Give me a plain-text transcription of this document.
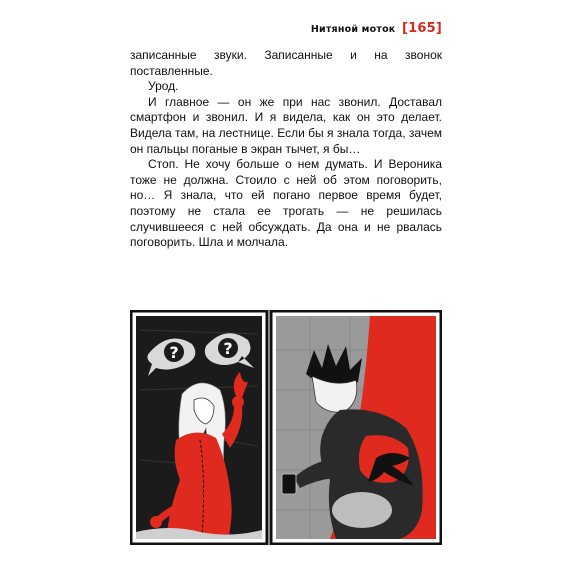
Нитяной моток [165]

записанные звуки. Записанные и на звонок поставленные.

Урод.

И главное — он же при нас звонил. Доставал смартфон и звонил. И я видела, как он это делает. Видела там, на лестнице. Если бы я знала тогда, зачем он пальцы поганые в экран тычет, я бы…

Стоп. Не хочу больше о нем думать. И Вероника тоже не должна. Стоило с ней об этом поговорить, но… Я знала, что ей погано первое время будет, поэтому не стала ее трогать — не решилась случившееся с ней обсуждать. Да она и не рвалась поговорить. Шла и молчала.

?	?
